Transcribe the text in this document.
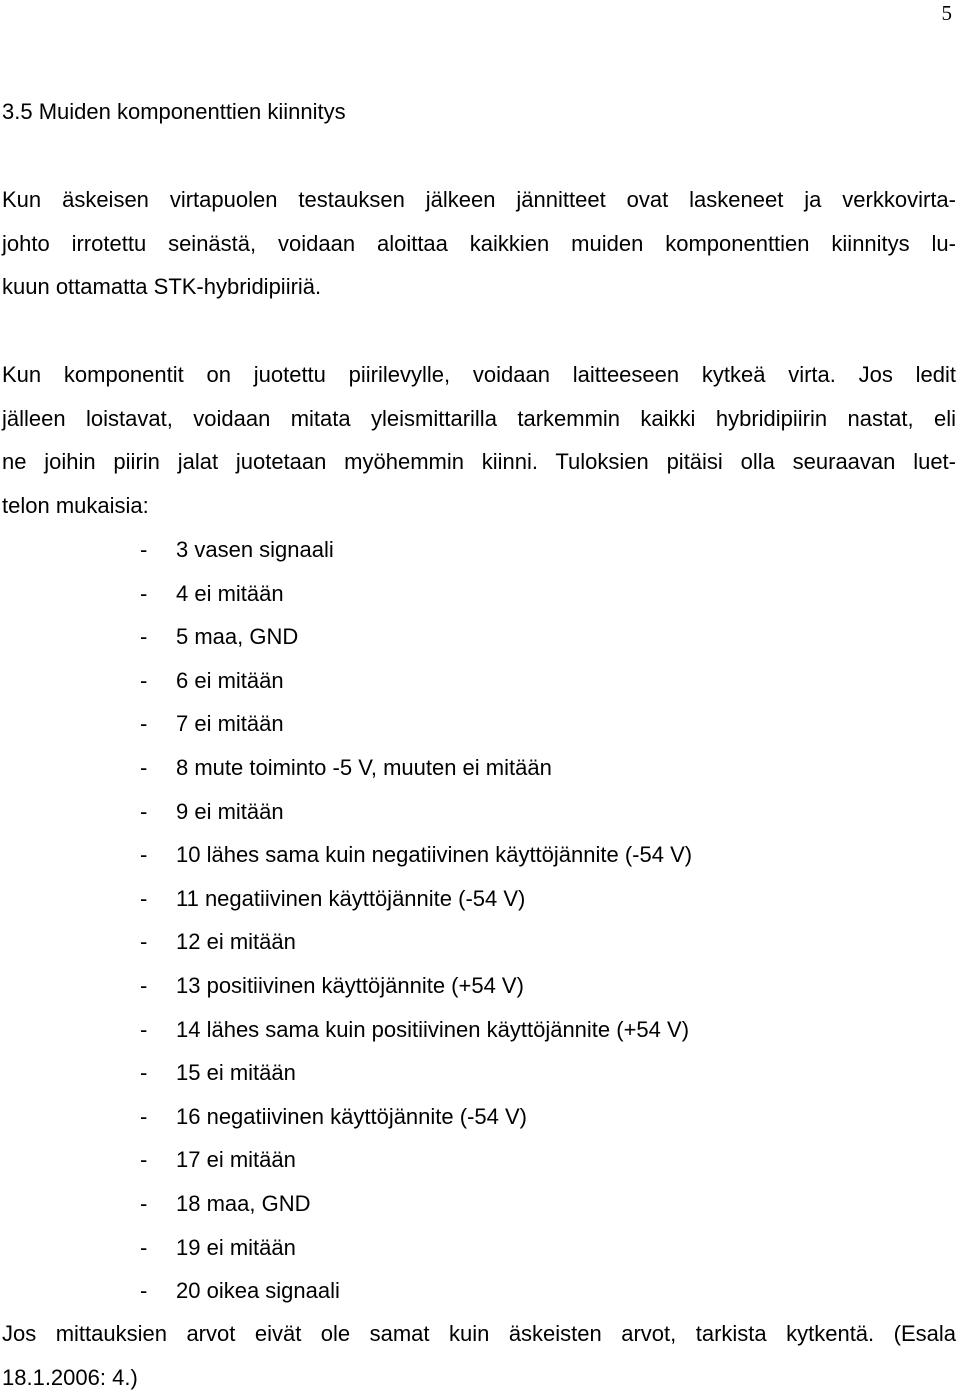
5
3.5 Muiden komponenttien kiinnitys

Kun äskeisen virtapuolen testauksen jälkeen jännitteet ovat laskeneet ja verkkovirta-
johto irrotettu seinästä, voidaan aloittaa kaikkien muiden komponenttien kiinnitys lu-
kuun ottamatta STK-hybridipiiriä.

Kun komponentit on juotettu piirilevylle, voidaan laitteeseen kytkeä virta. Jos ledit
jälleen loistavat, voidaan mitata yleismittarilla tarkemmin kaikki hybridipiirin nastat, eli
ne joihin piirin jalat juotetaan myöhemmin kiinni. Tuloksien pitäisi olla seuraavan luet-
telon mukaisia:

- 3 vasen signaali
- 4 ei mitään
- 5 maa, GND
- 6 ei mitään
- 7 ei mitään
- 8 mute toiminto -5 V, muuten ei mitään
- 9 ei mitään
- 10 lähes sama kuin negatiivinen käyttöjännite (-54 V)
- 11 negatiivinen käyttöjännite (-54 V)
- 12 ei mitään
- 13 positiivinen käyttöjännite (+54 V)
- 14 lähes sama kuin positiivinen käyttöjännite (+54 V)
- 15 ei mitään
- 16 negatiivinen käyttöjännite (-54 V)
- 17 ei mitään
- 18 maa, GND
- 19 ei mitään
- 20 oikea signaali

Jos mittauksien arvot eivät ole samat kuin äskeisten arvot, tarkista kytkentä. (Esala
18.1.2006: 4.)
